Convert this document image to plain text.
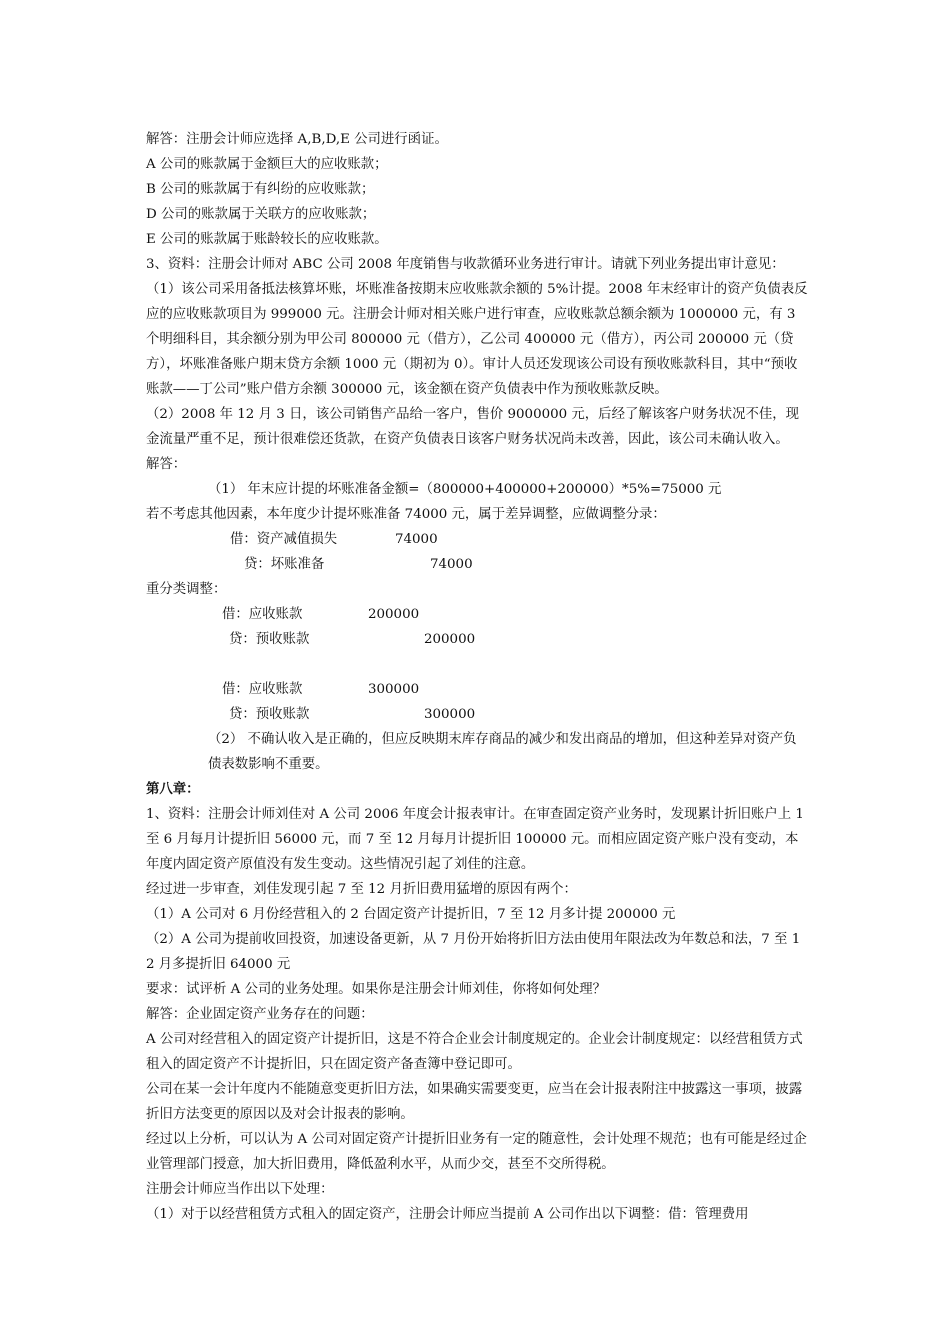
解答：注册会计师应选择 A,B,D,E 公司进行函证。

A 公司的账款属于金额巨大的应收账款；

B 公司的账款属于有纠纷的应收账款；

D 公司的账款属于关联方的应收账款；

E 公司的账款属于账龄较长的应收账款。

3、资料：注册会计师对 ABC 公司 2008 年度销售与收款循环业务进行审计。请就下列业务提出审计意见：

（1）该公司采用备抵法核算坏账，坏账准备按期末应收账款余额的 5%计提。2008 年末经审计的资产负债表反应的应收账款项目为 999000 元。注册会计师对相关账户进行审查，应收账款总额余额为 1000000 元，有 3 个明细科目，其余额分别为甲公司 800000 元（借方），乙公司 400000 元（借方），丙公司 200000 元（贷方），坏账准备账户期末贷方余额 1000 元（期初为 0）。审计人员还发现该公司设有预收账款科目，其中“预收账款——丁公司”账户借方余额 300000 元，该金额在资产负债表中作为预收账款反映。

（2）2008 年 12 月 3 日，该公司销售产品给一客户，售价 9000000 元，后经了解该客户财务状况不佳，现金流量严重不足，预计很难偿还货款，在资产负债表日该客户财务状况尚未改善，因此，该公司未确认收入。

解答：

（1） 年末应计提的坏账准备金额=（800000+400000+200000）*5%=75000 元

若不考虑其他因素，本年度少计提坏账准备 74000 元，属于差异调整，应做调整分录：

借：资产减值损失	74000
贷：坏账准备	74000

重分类调整：

借：应收账款	200000
贷：预收账款	200000
借：应收账款	300000
贷：预收账款	300000

（2） 不确认收入是正确的，但应反映期末库存商品的减少和发出商品的增加，但这种差异对资产负债表数影响不重要。

第八章：

1、资料：注册会计师刘佳对 A 公司 2006 年度会计报表审计。在审查固定资产业务时，发现累计折旧账户上 1 至 6 月每月计提折旧 56000 元，而 7 至 12 月每月计提折旧 100000 元。而相应固定资产账户没有变动，本年度内固定资产原值没有发生变动。这些情况引起了刘佳的注意。

经过进一步审查，刘佳发现引起 7 至 12 月折旧费用猛增的原因有两个：

（1）A 公司对 6 月份经营租入的 2 台固定资产计提折旧，7 至 12 月多计提 200000 元

（2）A 公司为提前收回投资，加速设备更新，从 7 月份开始将折旧方法由使用年限法改为年数总和法，7 至 12 月多提折旧 64000 元

要求：试评析 A 公司的业务处理。如果你是注册会计师刘佳，你将如何处理？

解答：企业固定资产业务存在的问题：

A 公司对经营租入的固定资产计提折旧，这是不符合企业会计制度规定的。企业会计制度规定：以经营租赁方式租入的固定资产不计提折旧，只在固定资产备查簿中登记即可。

公司在某一会计年度内不能随意变更折旧方法，如果确实需要变更，应当在会计报表附注中披露这一事项，披露折旧方法变更的原因以及对会计报表的影响。

经过以上分析，可以认为 A 公司对固定资产计提折旧业务有一定的随意性，会计处理不规范；也有可能是经过企业管理部门授意，加大折旧费用，降低盈利水平，从而少交，甚至不交所得税。

注册会计师应当作出以下处理：

（1）对于以经营租赁方式租入的固定资产，注册会计师应当提前 A 公司作出以下调整：借：管理费用
